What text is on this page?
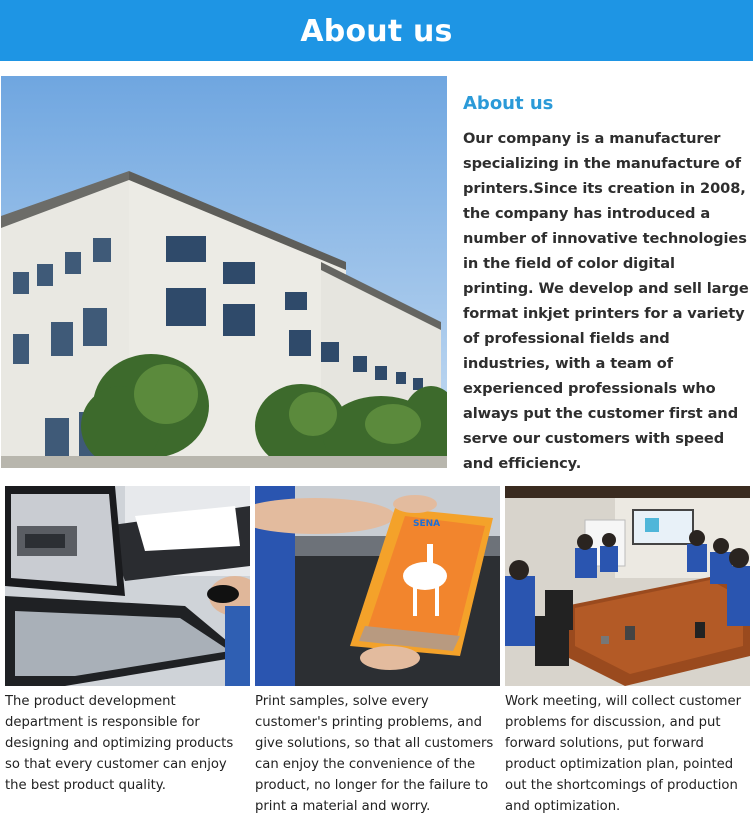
About us
About us

Our company is a manufacturer specializing in the manufacture of printers.Since its creation in 2008, the company has introduced a number of innovative technologies in the field of color digital printing. We develop and sell large format inkjet printers for a variety of professional fields and industries, with a team of experienced professionals who always put the customer first and serve our customers with speed and efficiency.

SENA

The product development department is responsible for designing and optimizing products so that every customer can enjoy the best product quality.

Print samples, solve every customer's printing problems, and give solutions, so that all customers can enjoy the convenience of the product, no longer for the failure to print a material and worry.

Work meeting, will collect customer problems for discussion, and put forward solutions, put forward product optimization plan, pointed out the shortcomings of production and optimization.
